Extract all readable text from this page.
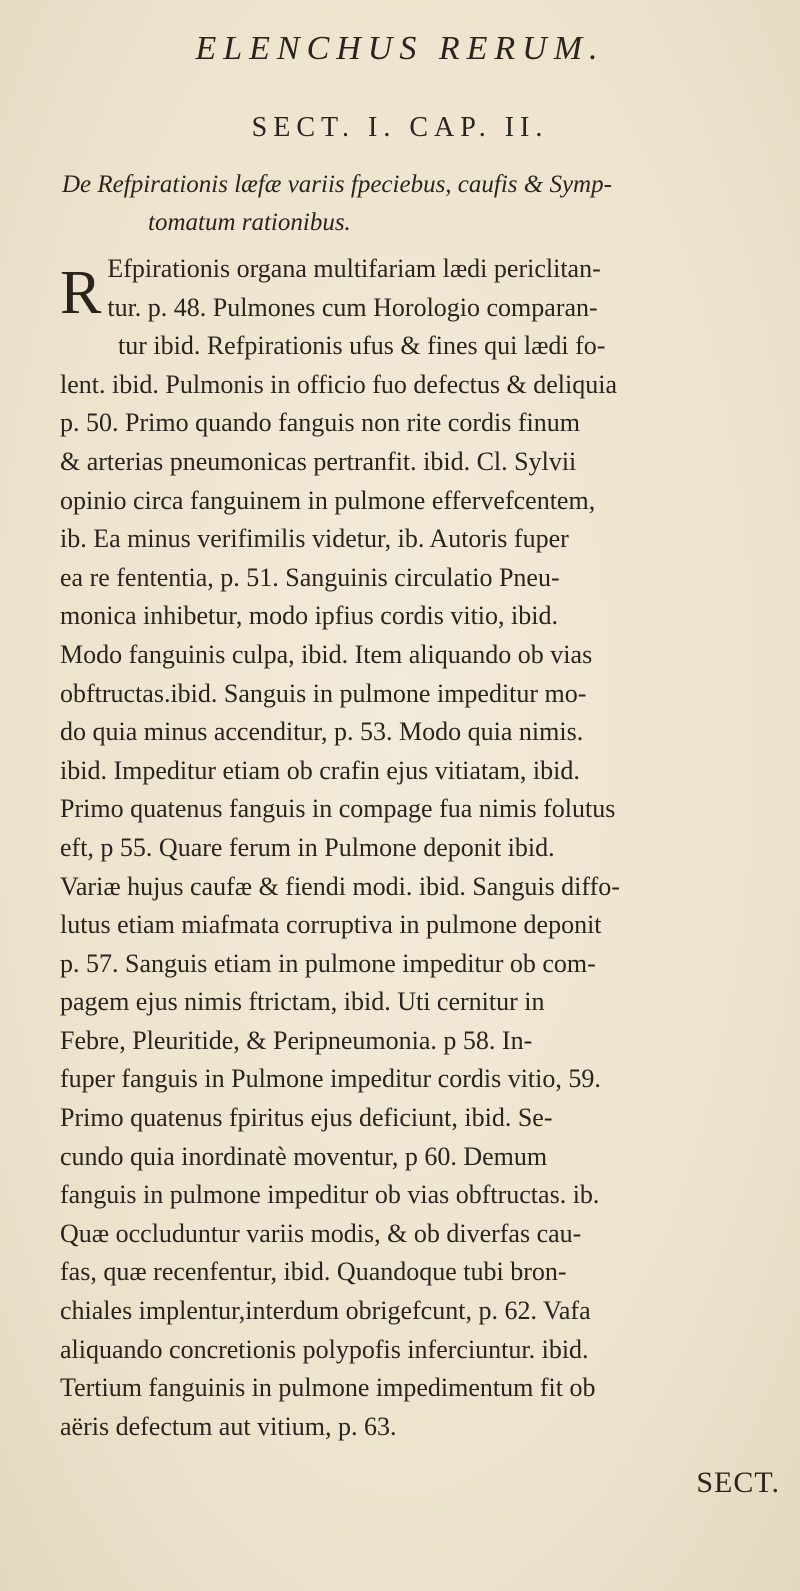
ELENCHUS RERUM.
SECT. I. CAP. II.
De Refpirationis læfæ variis fpeciebus, caufis & Symp-
tomatum rationibus.
R Efpirationis organa multifariam lædi periclitan-
tur. p. 48. Pulmones cum Horologio comparan-
tur ibid. Refpirationis ufus & fines qui lædi fo-
lent. ibid. Pulmonis in officio fuo defectus & deliquia
p. 50. Primo quando fanguis non rite cordis finum
& arterias pneumonicas pertranfit. ibid. Cl. Sylvii
opinio circa fanguinem in pulmone effervefcentem,
ib. Ea minus verifimilis videtur, ib. Autoris fuper
ea re fententia, p. 51. Sanguinis circulatio Pneu-
monica inhibetur, modo ipfius cordis vitio, ibid.
Modo fanguinis culpa, ibid. Item aliquando ob vias
obftructas.ibid. Sanguis in pulmone impeditur mo-
do quia minus accenditur, p. 53. Modo quia nimis.
ibid. Impeditur etiam ob crafin ejus vitiatam, ibid.
Primo quatenus fanguis in compage fua nimis folutus
eft, p 55. Quare ferum in Pulmone deponit ibid.
Variæ hujus caufæ & fiendi modi. ibid. Sanguis diffo-
lutus etiam miafmata corruptiva in pulmone deponit
p. 57. Sanguis etiam in pulmone impeditur ob com-
pagem ejus nimis ftrictam, ibid. Uti cernitur in
Febre, Pleuritide, & Peripneumonia. p 58. In-
fuper fanguis in Pulmone impeditur cordis vitio, 59.
Primo quatenus fpiritus ejus deficiunt, ibid. Se-
cundo quia inordinatè moventur, p 60. Demum
fanguis in pulmone impeditur ob vias obftructas. ib.
Quæ occluduntur variis modis, & ob diverfas cau-
fas, quæ recenfentur, ibid. Quandoque tubi bron-
chiales implentur,interdum obrigefcunt, p. 62. Vafa
aliquando concretionis polypofis inferciuntur. ibid.
Tertium fanguinis in pulmone impedimentum fit ob
aëris defectum aut vitium, p. 63.
SECT.
